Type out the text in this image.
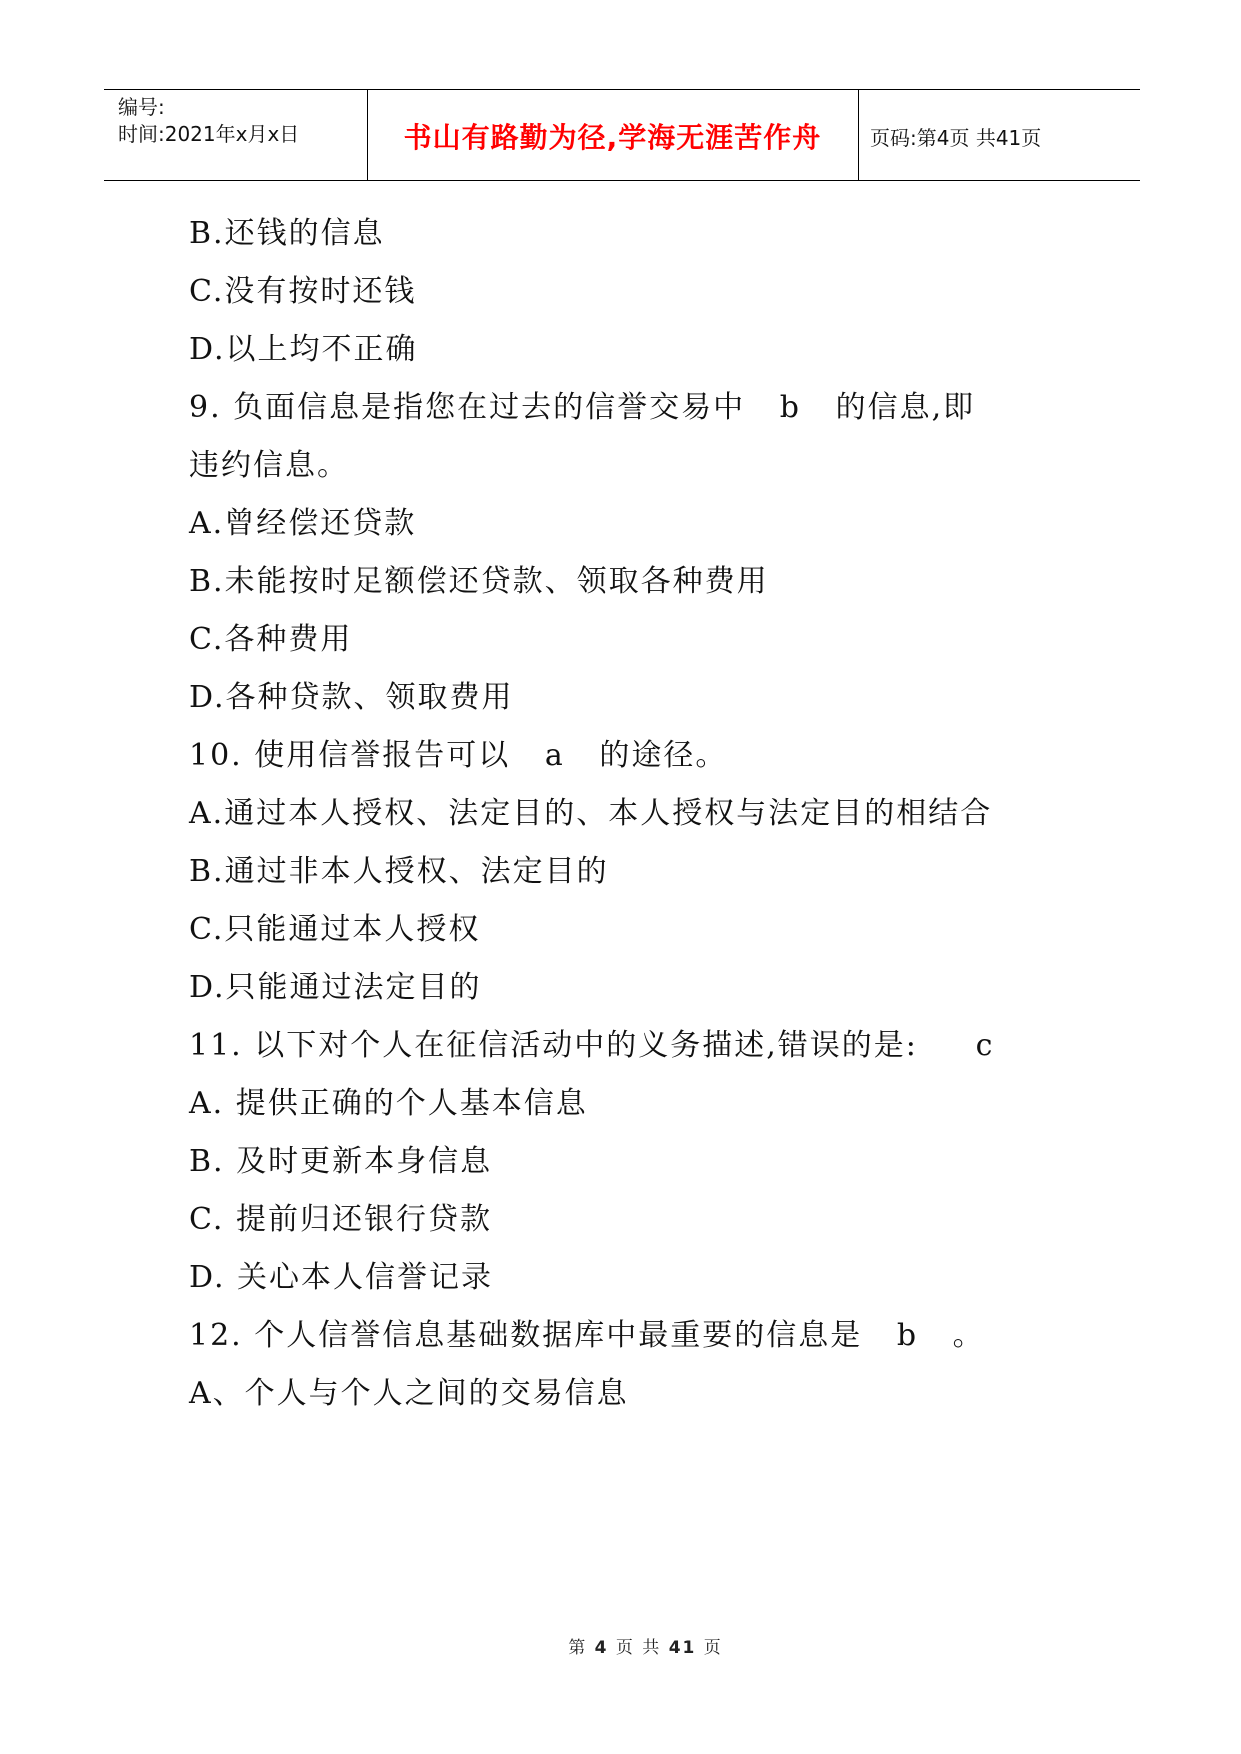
编号:
时间:2021年x月x日	书山有路勤为径,学海无涯苦作舟	页码:第4页 共41页
B.还钱的信息
C.没有按时还钱
D.以上均不正确
9. 负面信息是指您在过去的信誉交易中   b   的信息,即
违约信息。
A.曾经偿还贷款
B.未能按时足额偿还贷款、领取各种费用
C.各种费用
D.各种贷款、领取费用
10. 使用信誉报告可以   a   的途径。
A.通过本人授权、法定目的、本人授权与法定目的相结合
B.通过非本人授权、法定目的
C.只能通过本人授权
D.只能通过法定目的
11. 以下对个人在征信活动中的义务描述,错误的是:     c
A. 提供正确的个人基本信息
B. 及时更新本身信息
C. 提前归还银行贷款
D. 关心本人信誉记录
12. 个人信誉信息基础数据库中最重要的信息是   b   。
A、个人与个人之间的交易信息
第 4 页 共 41 页
